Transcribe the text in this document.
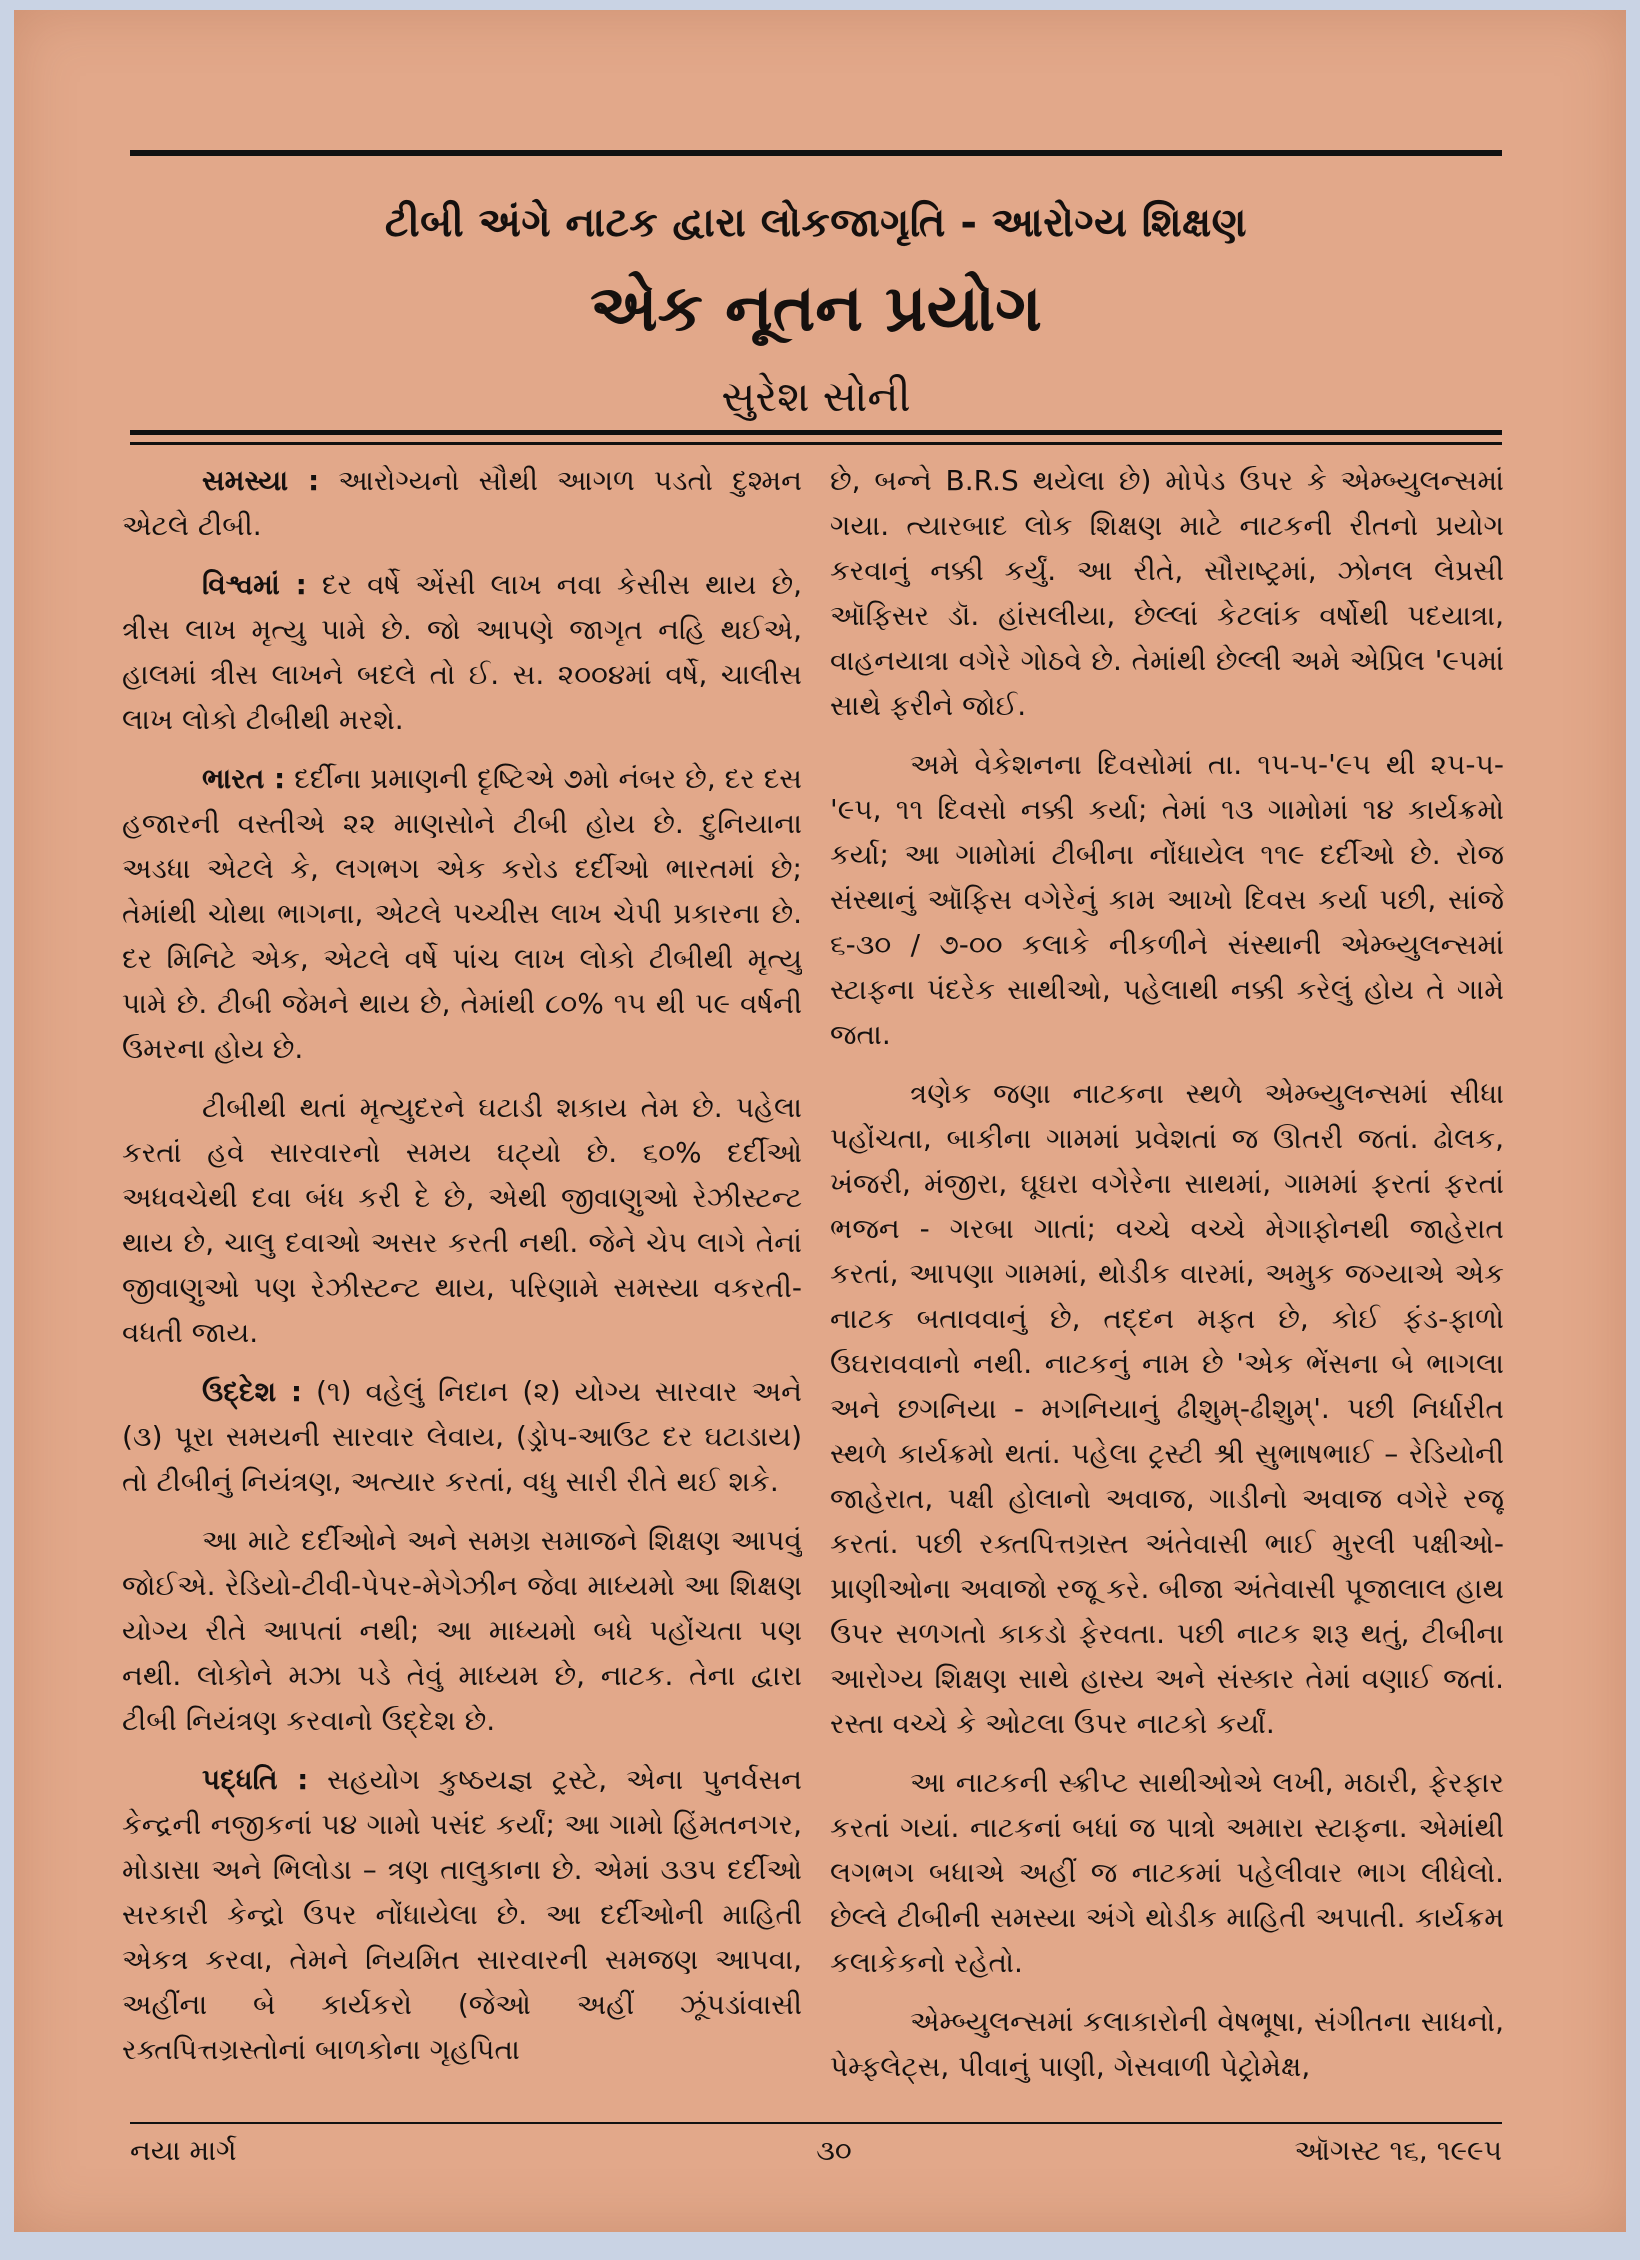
ટીબી અંગે નાટક દ્વારા લોકજાગૃતિ - આરોગ્ય શિક્ષણ
એક નૂતન પ્રયોગ
સુરેશ સોની

સમસ્યા : આરોગ્યનો સૌથી આગળ પડતો દુશ્મન એટલે ટીબી.

વિશ્વમાં : દર વર્ષે એંસી લાખ નવા કેસીસ થાય છે, ત્રીસ લાખ મૃત્યુ પામે છે. જો આપણે જાગૃત નહિ થઈએ, હાલમાં ત્રીસ લાખને બદલે તો ઈ. સ. ૨૦૦૪માં વર્ષે, ચાલીસ લાખ લોકો ટીબીથી મરશે.

ભારત : દર્દીના પ્રમાણની દૃષ્ટિએ ૭મો નંબર છે, દર દસ હજારની વસ્તીએ ૨૨ માણસોને ટીબી હોય છે. દુનિયાના અડધા એટલે કે, લગભગ એક કરોડ દર્દીઓ ભારતમાં છે; તેમાંથી ચોથા ભાગના, એટલે પચ્ચીસ લાખ ચેપી પ્રકારના છે. દર મિનિટે એક, એટલે વર્ષે પાંચ લાખ લોકો ટીબીથી મૃત્યુ પામે છે. ટીબી જેમને થાય છે, તેમાંથી ૮૦% ૧૫ થી ૫૯ વર્ષની ઉમરના હોય છે.

ટીબીથી થતાં મૃત્યુદરને ઘટાડી શકાય તેમ છે. પહેલા કરતાં હવે સારવારનો સમય ઘટ્યો છે. ૬૦% દર્દીઓ અધવચેથી દવા બંધ કરી દે છે, એથી જીવાણુઓ રેઝીસ્ટન્ટ થાય છે, ચાલુ દવાઓ અસર કરતી નથી. જેને ચેપ લાગે તેનાં જીવાણુઓ પણ રેઝીસ્ટન્ટ થાય, પરિણામે સમસ્યા વકરતી-વધતી જાય.

ઉદ્દેશ : (૧) વહેલું નિદાન (૨) યોગ્ય સારવાર અને (૩) પૂરા સમયની સારવાર લેવાય, (ડ્રોપ-આઉટ દર ઘટાડાય) તો ટીબીનું નિયંત્રણ, અત્યાર કરતાં, વધુ સારી રીતે થઈ શકે.

આ માટે દર્દીઓને અને સમગ્ર સમાજને શિક્ષણ આપવું જોઈએ. રેડિયો-ટીવી-પેપર-મેગેઝીન જેવા માધ્યમો આ શિક્ષણ યોગ્ય રીતે આપતાં નથી; આ માધ્યમો બધે પહોંચતા પણ નથી. લોકોને મઝા પડે તેવું માધ્યમ છે, નાટક. તેના દ્વારા ટીબી નિયંત્રણ કરવાનો ઉદ્દેશ છે.

પદ્ધતિ : સહયોગ કુષ્ઠયજ્ઞ ટ્રસ્ટે, એના પુનર્વસન કેન્દ્રની નજીકનાં ૫૪ ગામો પસંદ કર્યાં; આ ગામો હિંમતનગર, મોડાસા અને ભિલોડા – ત્રણ તાલુકાના છે. એમાં ૩૩૫ દર્દીઓ સરકારી કેન્દ્રો ઉપર નોંધાયેલા છે. આ દર્દીઓની માહિતી એકત્ર કરવા, તેમને નિયમિત સારવારની સમજણ આપવા, અહીંના બે કાર્યકરો (જેઓ અહીં ઝૂંપડાંવાસી રક્તપિત્તગ્રસ્તોનાં બાળકોના ગૃહપિતા

છે, બન્ને B.R.S થયેલા છે) મોપેડ ઉપર કે એમ્બ્યુલન્સમાં ગયા. ત્યારબાદ લોક શિક્ષણ માટે નાટકની રીતનો પ્રયોગ કરવાનું નક્કી કર્યું. આ રીતે, સૌરાષ્ટ્રમાં, ઝોનલ લેપ્રસી ઑફિસર ડૉ. હાંસલીયા, છેલ્લાં કેટલાંક વર્ષોથી પદયાત્રા, વાહનયાત્રા વગેરે ગોઠવે છે. તેમાંથી છેલ્લી અમે એપ્રિલ '૯૫માં સાથે ફરીને જોઈ.

અમે વેકેશનના દિવસોમાં તા. ૧૫-૫-'૯૫ થી ૨૫-૫-'૯૫, ૧૧ દિવસો નક્કી કર્યા; તેમાં ૧૩ ગામોમાં ૧૪ કાર્યક્રમો કર્યા; આ ગામોમાં ટીબીના નોંધાયેલ ૧૧૯ દર્દીઓ છે. રોજ સંસ્થાનું ઑફિસ વગેરેનું કામ આખો દિવસ કર્યા પછી, સાંજે ૬-૩૦ / ૭-૦૦ કલાકે નીકળીને સંસ્થાની એમ્બ્યુલન્સમાં સ્ટાફના પંદરેક સાથીઓ, પહેલાથી નક્કી કરેલું હોય તે ગામે જતા.

ત્રણેક જણા નાટકના સ્થળે એમ્બ્યુલન્સમાં સીધા પહોંચતા, બાકીના ગામમાં પ્રવેશતાં જ ઊતરી જતાં. ઢોલક, ખંજરી, મંજીરા, ઘૂઘરા વગેરેના સાથમાં, ગામમાં ફરતાં ફરતાં ભજન - ગરબા ગાતાં; વચ્ચે વચ્ચે મેગાફોનથી જાહેરાત કરતાં, આપણા ગામમાં, થોડીક વારમાં, અમુક જગ્યાએ એક નાટક બતાવવાનું છે, તદ્દન મફત છે, કોઈ ફંડ-ફાળો ઉઘરાવવાનો નથી. નાટકનું નામ છે 'એક ભેંસના બે ભાગલા અને છગનિયા - મગનિયાનું ઢીશુમ્-ઢીશુમ્'. પછી નિર્ધારીત સ્થળે કાર્યક્રમો થતાં. પહેલા ટ્રસ્ટી શ્રી સુભાષભાઈ – રેડિયોની જાહેરાત, પક્ષી હોલાનો અવાજ, ગાડીનો અવાજ વગેરે રજૂ કરતાં. પછી રક્તપિત્તગ્રસ્ત અંતેવાસી ભાઈ મુરલી પક્ષીઓ-પ્રાણીઓના અવાજો રજૂ કરે. બીજા અંતેવાસી પૂજાલાલ હાથ ઉપર સળગતો કાકડો ફેરવતા. પછી નાટક શરૂ થતું, ટીબીના આરોગ્ય શિક્ષણ સાથે હાસ્ય અને સંસ્કાર તેમાં વણાઈ જતાં. રસ્તા વચ્ચે કે ઓટલા ઉપર નાટકો કર્યાં.

આ નાટકની સ્ક્રીપ્ટ સાથીઓએ લખી, મઠારી, ફેરફાર કરતાં ગયાં. નાટકનાં બધાં જ પાત્રો અમારા સ્ટાફના. એમાંથી લગભગ બધાએ અહીં જ નાટકમાં પહેલીવાર ભાગ લીધેલો. છેલ્લે ટીબીની સમસ્યા અંગે થોડીક માહિતી અપાતી. કાર્યક્રમ કલાકેકનો રહેતો.

એમ્બ્યુલન્સમાં કલાકારોની વેષભૂષા, સંગીતના સાધનો, પેમ્ફલેટ્સ, પીવાનું પાણી, ગેસવાળી પેટ્રોમેક્ષ,

નયા માર્ગ	૩૦	ઑગસ્ટ ૧૬, ૧૯૯૫
